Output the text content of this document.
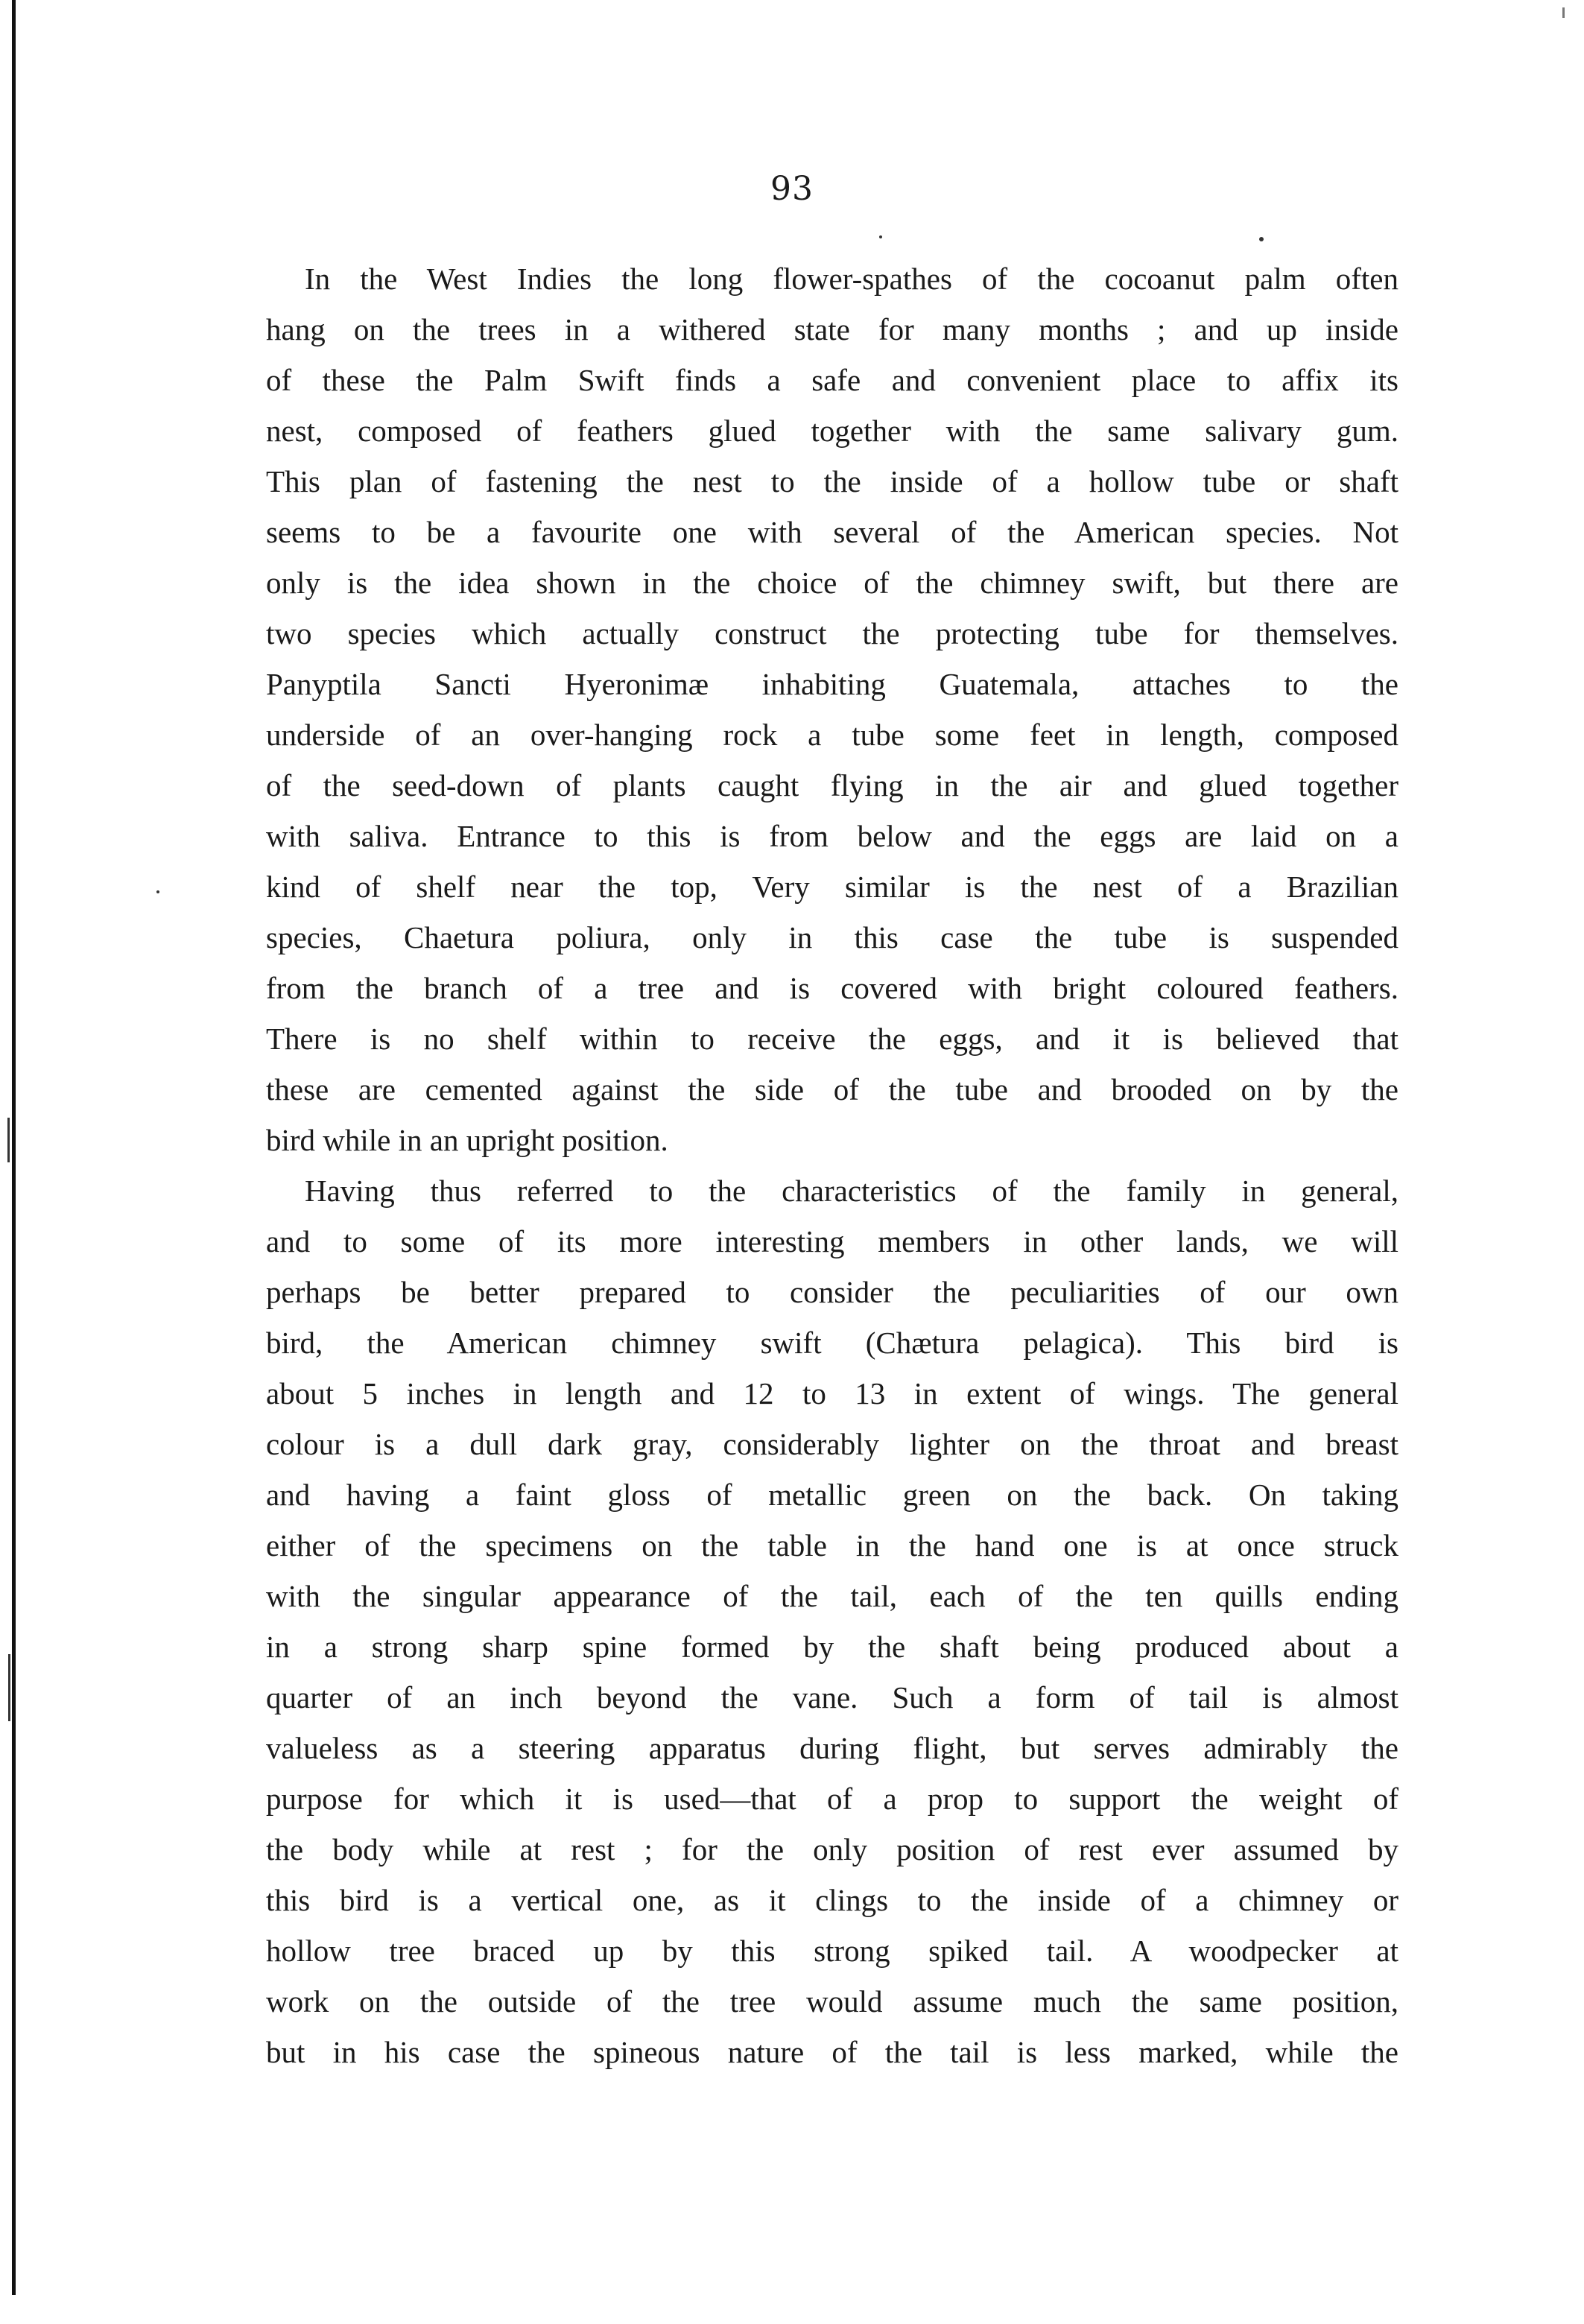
93
In the West Indies the long flower-spathes of the cocoanut palm often
hang on the trees in a withered state for many months ; and up inside
of these the Palm Swift finds a safe and convenient place to affix its
nest, composed of feathers glued together with the same salivary gum.
This plan of fastening the nest to the inside of a hollow tube or shaft
seems to be a favourite one with several of the American species. Not
only is the idea shown in the choice of the chimney swift, but there are
two species which actually construct the protecting tube for themselves.
Panyptila Sancti Hyeronimæ inhabiting Guatemala, attaches to the
underside of an over-hanging rock a tube some feet in length, composed
of the seed-down of plants caught flying in the air and glued together
with saliva. Entrance to this is from below and the eggs are laid on a
kind of shelf near the top, Very similar is the nest of a Brazilian
species, Chaetura poliura, only in this case the tube is suspended
from the branch of a tree and is covered with bright coloured feathers.
There is no shelf within to receive the eggs, and it is believed that
these are cemented against the side of the tube and brooded on by the
bird while in an upright position.
Having thus referred to the characteristics of the family in general,
and to some of its more interesting members in other lands, we will
perhaps be better prepared to consider the peculiarities of our own
bird, the American chimney swift (Chætura pelagica). This bird is
about 5 inches in length and 12 to 13 in extent of wings. The general
colour is a dull dark gray, considerably lighter on the throat and breast
and having a faint gloss of metallic green on the back. On taking
either of the specimens on the table in the hand one is at once struck
with the singular appearance of the tail, each of the ten quills ending
in a strong sharp spine formed by the shaft being produced about a
quarter of an inch beyond the vane. Such a form of tail is almost
valueless as a steering apparatus during flight, but serves admirably the
purpose for which it is used—that of a prop to support the weight of
the body while at rest ; for the only position of rest ever assumed by
this bird is a vertical one, as it clings to the inside of a chimney or
hollow tree braced up by this strong spiked tail. A woodpecker at
work on the outside of the tree would assume much the same position,
but in his case the spineous nature of the tail is less marked, while the
